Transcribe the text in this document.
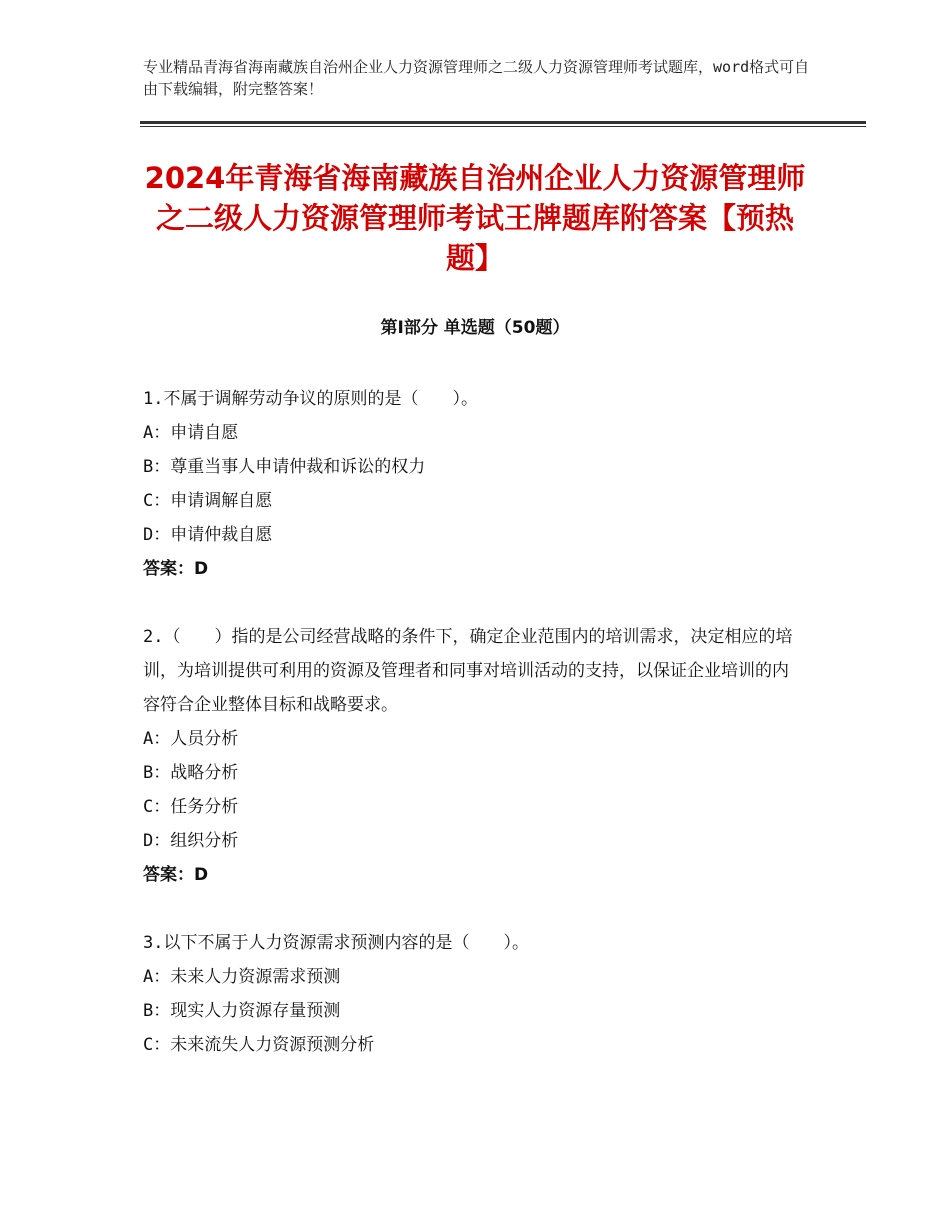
专业精品青海省海南藏族自治州企业人力资源管理师之二级人力资源管理师考试题库，word格式可自由下载编辑，附完整答案！
2024年青海省海南藏族自治州企业人力资源管理师之二级人力资源管理师考试王牌题库附答案【预热题】
第Ⅰ部分 单选题（50题）

1.不属于调解劳动争议的原则的是（　　）。

A：申请自愿

B：尊重当事人申请仲裁和诉讼的权力

C：申请调解自愿

D：申请仲裁自愿

答案：D

2.（　　）指的是公司经营战略的条件下，确定企业范围内的培训需求，决定相应的培训，为培训提供可利用的资源及管理者和同事对培训活动的支持，以保证企业培训的内容符合企业整体目标和战略要求。

A：人员分析

B：战略分析

C：任务分析

D：组织分析

答案：D

3.以下不属于人力资源需求预测内容的是（　　）。

A：未来人力资源需求预测

B：现实人力资源存量预测

C：未来流失人力资源预测分析
